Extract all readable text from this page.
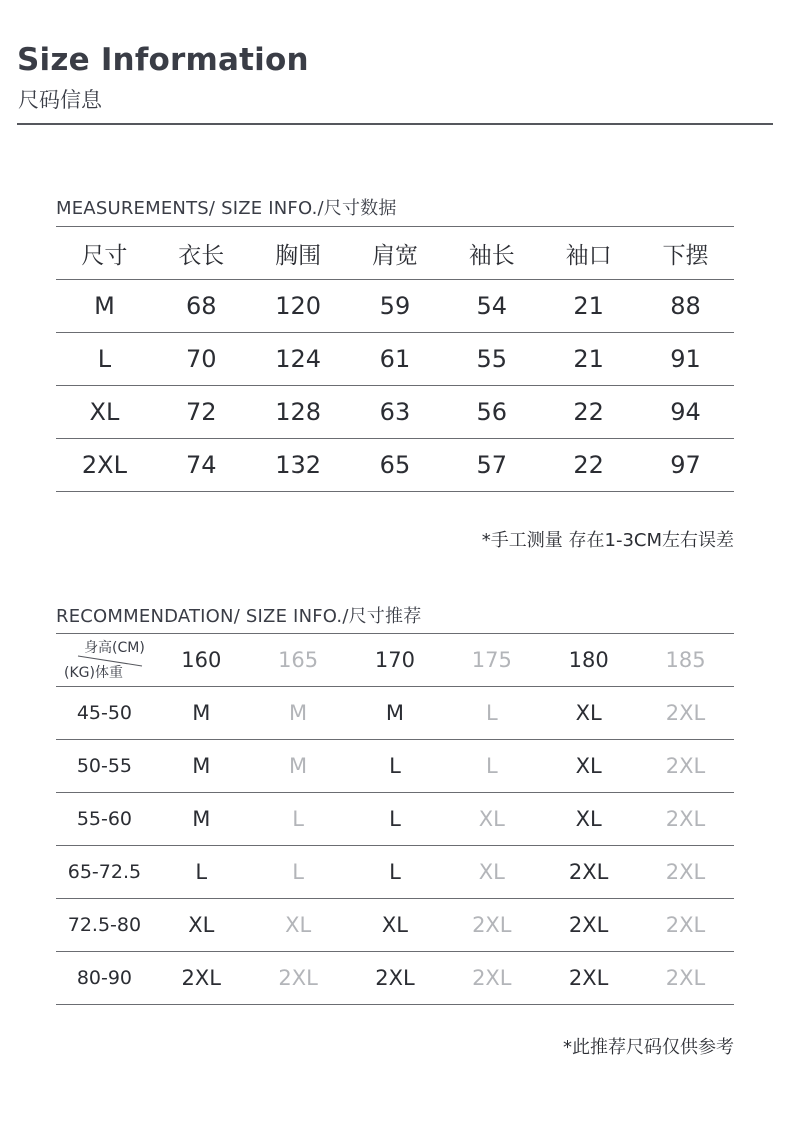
Size Information
尺码信息
MEASUREMENTS/ SIZE INFO./尺寸数据
尺寸	衣长	胸围	肩宽	袖长	袖口	下摆
M	68	120	59	54	21	88
L	70	124	61	55	21	91
XL	72	128	63	56	22	94
2XL	74	132	65	57	22	97
*手工测量 存在1-3CM左右误差
RECOMMENDATION/ SIZE INFO./尺寸推荐
身高(CM)
(KG)体重	160	165	170	175	180	185
45-50	M	M	M	L	XL	2XL
50-55	M	M	L	L	XL	2XL
55-60	M	L	L	XL	XL	2XL
65-72.5	L	L	L	XL	2XL	2XL
72.5-80	XL	XL	XL	2XL	2XL	2XL
80-90	2XL	2XL	2XL	2XL	2XL	2XL
*此推荐尺码仅供参考
